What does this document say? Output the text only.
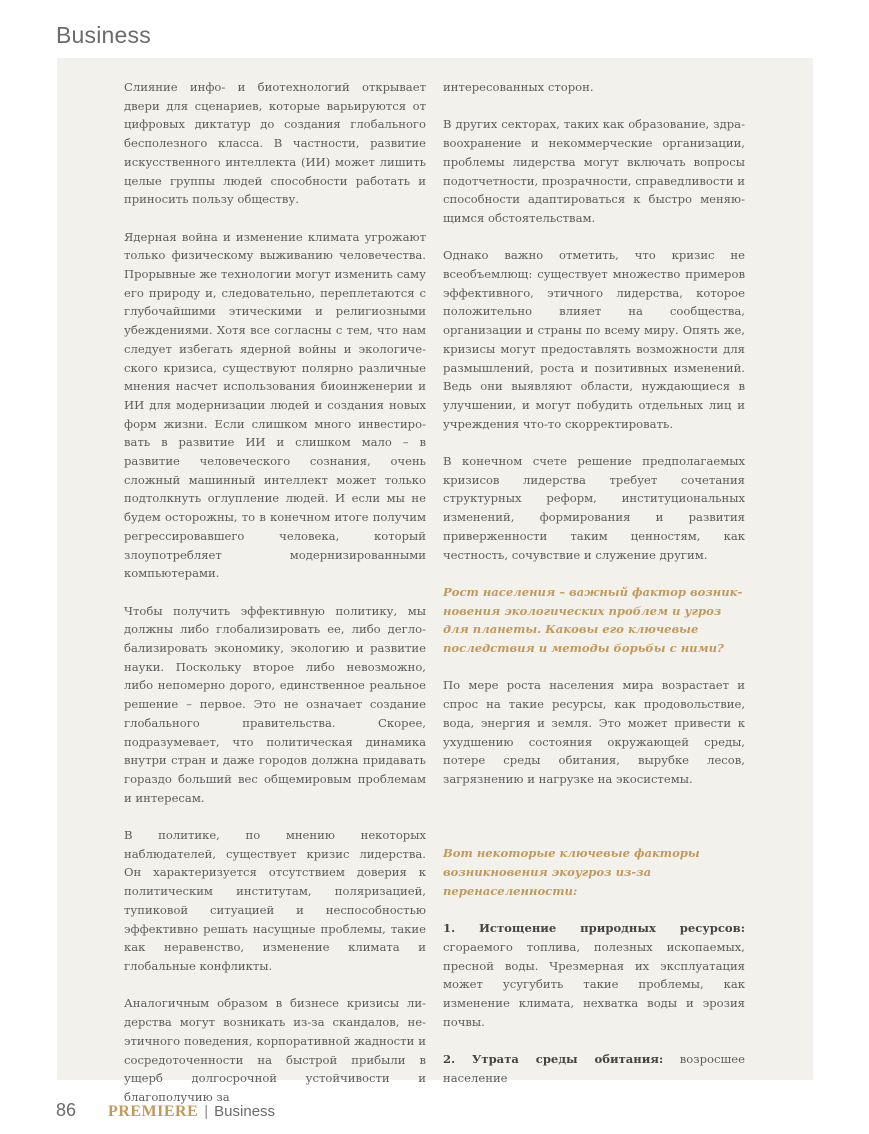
Business

Слияние инфо- и биотехнологий открывает двери для сценариев, которые варьируются от цифровых диктатур до создания глобального бесполезного класса. В частности, развитие искусственного интеллекта (ИИ) может лишить целые группы людей способности работать и приносить пользу обществу.

Ядерная война и изменение климата угрожают только физическому выживанию человечества. Прорывные же технологии могут изменить саму его природу и, следовательно, переплетаются с глубочайшими этическими и религиозными убеждениями. Хотя все согласны с тем, что нам следует избегать ядерной войны и экологического кризиса, существуют полярно различные мнения насчет использования биоинженерии и ИИ для модернизации людей и создания новых форм жизни. Если слишком много инвестировать в развитие ИИ и слишком мало – в развитие человеческого сознания, очень сложный машинный интеллект может только подтолкнуть оглупление людей. И если мы не будем осторожны, то в конечном итоге получим регрессировавшего человека, который злоупотребляет модернизированными компьютерами.

Чтобы получить эффективную политику, мы должны либо глобализировать ее, либо деглoбализировать экономику, экологию и развитие науки. Поскольку второе либо невозможно, либо непомерно дорого, единственное реальное решение – первое. Это не означает создание глобального правительства. Скорее, подразумевает, что политическая динамика внутри стран и даже городов должна придавать гораздо больший вес общемировым проблемам и интересам.

В политике, по мнению некоторых наблюдателей, существует кризис лидерства. Он характеризуется отсутствием доверия к политическим институтам, поляризацией, тупиковой ситуацией и неспособностью эффективно решать насущные проблемы, такие как неравенство, изменение климата и глобальные конфликты.

Аналогичным образом в бизнесе кризисы лидерства могут возникать из-за скандалов, неэтичного поведения, корпоративной жадности и сосредоточенности на быстрой прибыли в ущерб долгосрочной устойчивости и благополучию за

интересованных сторон.

В других секторах, таких как образование, здравоохранение и некоммерческие организации, проблемы лидерства могут включать вопросы подотчетности, прозрачности, справедливости и способности адаптироваться к быстро меняющимся обстоятельствам.

Однако важно отметить, что кризис не всеобъемлющ: существует множество примеров эффективного, этичного лидерства, которое положительно влияет на сообщества, организации и страны по всему миру. Опять же, кризисы могут предоставлять возможности для размышлений, роста и позитивных изменений. Ведь они выявляют области, нуждающиеся в улучшении, и могут побудить отдельных лиц и учреждения что-то скорректировать.

В конечном счете решение предполагаемых кризисов лидерства требует сочетания структурных реформ, институциональных изменений, формирования и развития приверженности таким ценностям, как честность, сочувствие и служение другим.

Рост населения – важный фактор возникновения экологических проблем и угроз для планеты. Каковы его ключевые последствия и методы борьбы с ними?

По мере роста населения мира возрастает и спрос на такие ресурсы, как продовольствие, вода, энергия и земля. Это может привести к ухудшению состояния окружающей среды, потере среды обитания, вырубке лесов, загрязнению и нагрузке на экосистемы.

Вот некоторые ключевые факторы возникновения экоугроз из-за перенаселенности:

1. Истощение природных ресурсов: сгораемого топлива, полезных ископаемых, пресной воды. Чрезмерная их эксплуатация может усугубить такие проблемы, как изменение климата, нехватка воды и эрозия почвы.

2. Утрата среды обитания: возросшее население

86 PREMIERE | Business
